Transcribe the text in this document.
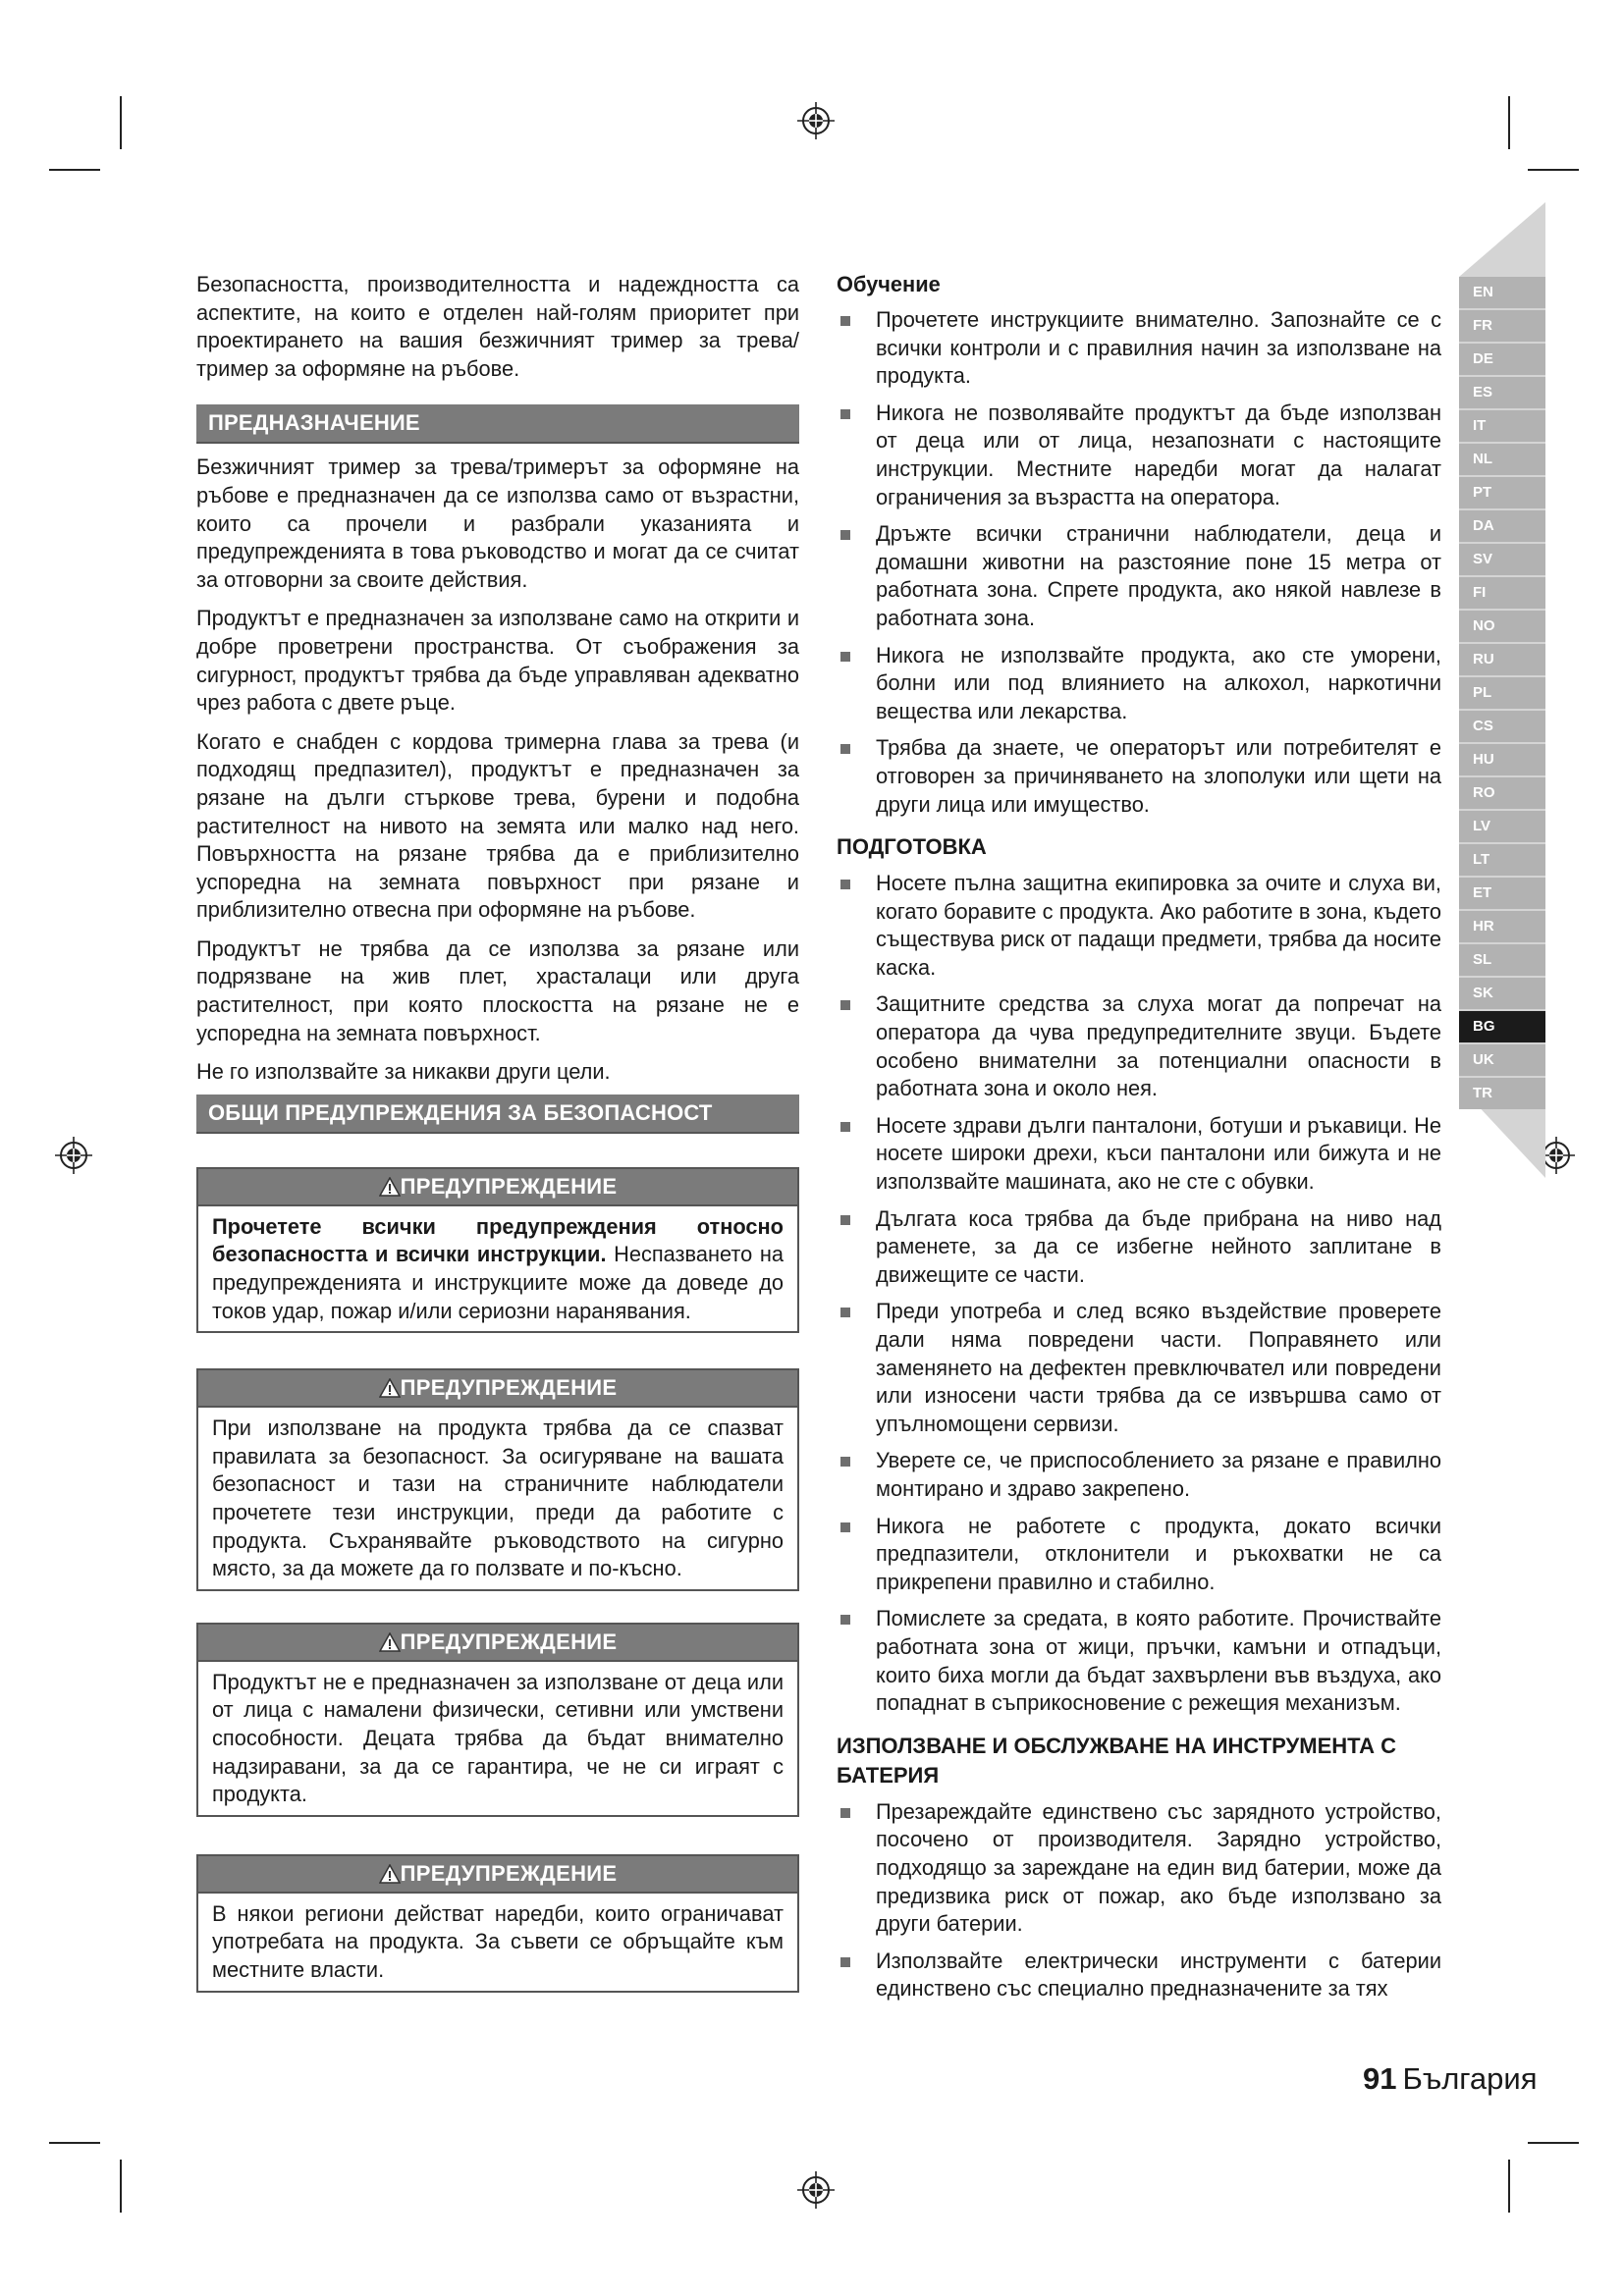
Безопасността, производителността и надеждността са аспектите, на които е отделен най-голям приоритет при проектирането на вашия безжичният тример за трева/тример за оформяне на ръбове.

ПРЕДНАЗНАЧЕНИЕ

Безжичният тример за трева/тримерът за оформяне на ръбове е предназначен да се използва само от възрастни, които са прочели и разбрали указанията и предупрежденията в това ръководство и могат да се считат за отговорни за своите действия.

Продуктът е предназначен за използване само на открити и добре проветрени пространства. От съображения за сигурност, продуктът трябва да бъде управляван адекватно чрез работа с двете ръце.

Когато е снабден с кордова тримерна глава за трева (и подходящ предпазител), продуктът е предназначен за рязане на дълги стъркове трева, бурени и подобна растителност на нивото на земята или малко над него. Повърхността на рязане трябва да е приблизително успоредна на земната повърхност при рязане и приблизително отвесна при оформяне на ръбове.

Продуктът не трябва да се използва за рязане или подрязване на жив плет, храсталаци или друга растителност, при която плоскостта на рязане не е успоредна на земната повърхност.

Не го използвайте за никакви други цели.

ОБЩИ ПРЕДУПРЕЖДЕНИЯ ЗА БЕЗОПАСНОСТ
ПРЕДУПРЕЖДЕНИЕ

Прочетете всички предупреждения относно безопасността и всички инструкции. Неспазването на предупрежденията и инструкциите може да доведе до токов удар, пожар и/или сериозни наранявания.

ПРЕДУПРЕЖДЕНИЕ

При използване на продукта трябва да се спазват правилата за безопасност. За осигуряване на вашата безопасност и тази на страничните наблюдатели прочетете тези инструкции, преди да работите с продукта. Съхранявайте ръководството на сигурно място, за да можете да го ползвате и по-късно.

ПРЕДУПРЕЖДЕНИЕ

Продуктът не е предназначен за използване от деца или от лица с намалени физически, сетивни или умствени способности. Децата трябва да бъдат внимателно надзиравани, за да се гарантира, че не си играят с продукта.

ПРЕДУПРЕЖДЕНИЕ

В някои региони действат наредби, които ограничават употребата на продукта. За съвети се обръщайте към местните власти.

Обучение
Прочетете инструкциите внимателно. Запознайте се с всички контроли и с правилния начин за използване на продукта.
Никога не позволявайте продуктът да бъде използван от деца или от лица, незапознати с настоящите инструкции. Местните наредби могат да налагат ограничения за възрастта на оператора.
Дръжте всички странични наблюдатели, деца и домашни животни на разстояние поне 15 метра от работната зона. Спрете продукта, ако някой навлезе в работната зона.
Никога не използвайте продукта, ако сте уморени, болни или под влиянието на алкохол, наркотични вещества или лекарства.
Трябва да знаете, че операторът или потребителят е отговорен за причиняването на злополуки или щети на други лица или имущество.
ПОДГОТОВКА
Носете пълна защитна екипировка за очите и слуха ви, когато боравите с продукта. Ако работите в зона, където съществува риск от падащи предмети, трябва да носите каска.
Защитните средства за слуха могат да попречат на оператора да чува предупредителните звуци. Бъдете особено внимателни за потенциални опасности в работната зона и около нея.
Носете здрави дълги панталони, ботуши и ръкавици. Не носете широки дрехи, къси панталони или бижута и не използвайте машината, ако не сте с обувки.
Дългата коса трябва да бъде прибрана на ниво над раменете, за да се избегне нейното заплитане в движещите се части.
Преди употреба и след всяко въздействие проверете дали няма повредени части. Поправянето или заменянето на дефектен превключвател или повредени или износени части трябва да се извършва само от упълномощени сервизи.
Уверете се, че приспособлението за рязане е правилно монтирано и здраво закрепено.
Никога не работете с продукта, докато всички предпазители, отклонители и ръкохватки не са прикрепени правилно и стабилно.
Помислете за средата, в която работите. Прочиствайте работната зона от жици, пръчки, камъни и отпадъци, които биха могли да бъдат захвърлени във въздуха, ако попаднат в съприкосновение с режещия механизъм.
ИЗПОЛЗВАНЕ И ОБСЛУЖВАНЕ НА ИНСТРУМЕНТА С БАТЕРИЯ
Презареждайте единствено със зарядното устройство, посочено от производителя. Зарядно устройство, подходящо за зареждане на един вид батерии, може да предизвика риск от пожар, ако бъде използвано за други батерии.
Използвайте електрически инструменти с батерии единствено със специално предназначените за тях
EN
FR
DE
ES
IT
NL
PT
DA
SV
FI
NO
RU
PL
CS
HU
RO
LV
LT
ET
HR
SL
SK
BG
UK
TR
91 България
